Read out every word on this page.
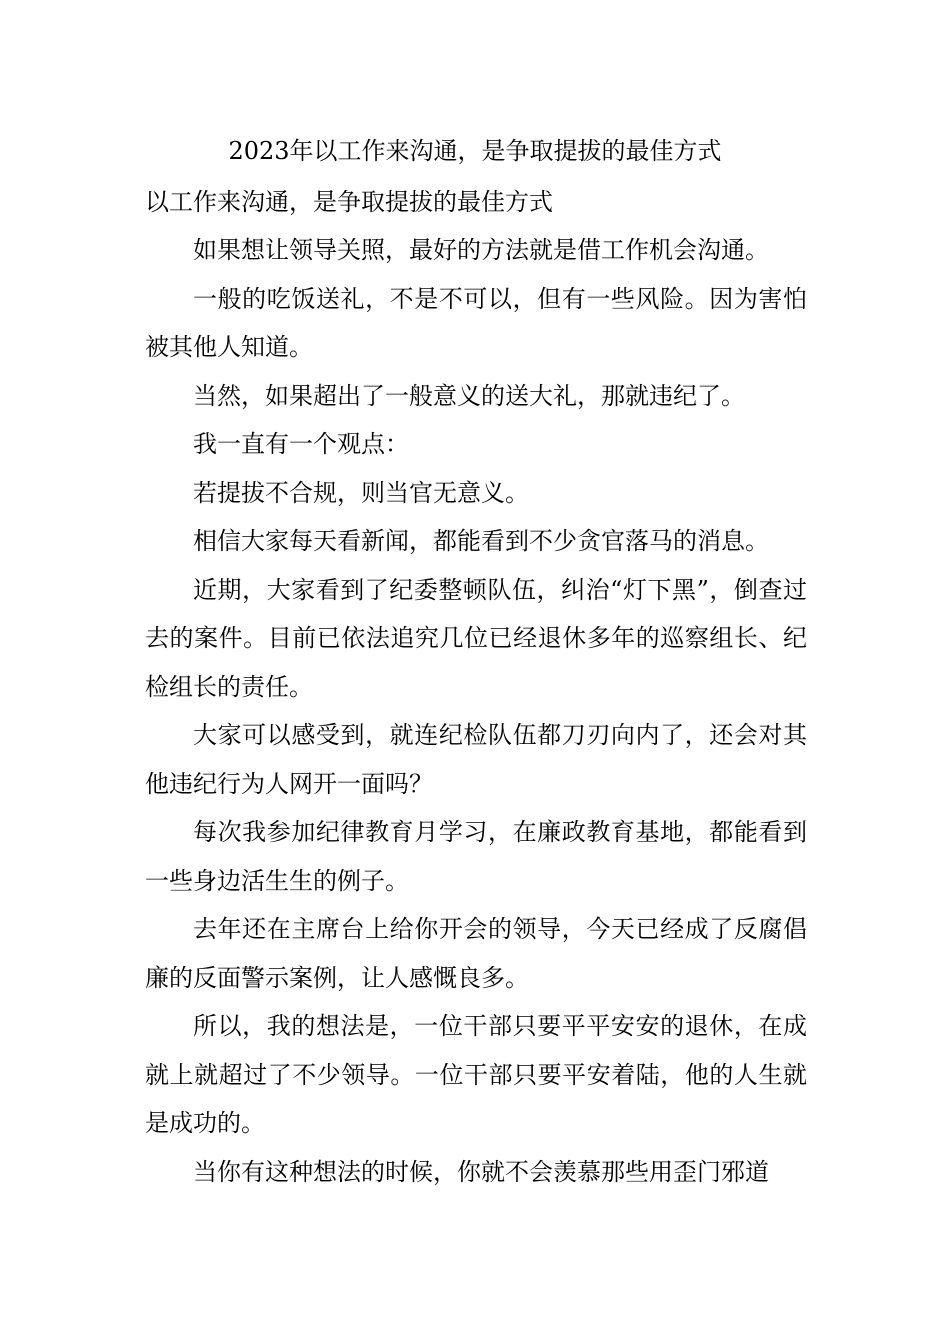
2023年以工作来沟通，是争取提拔的最佳方式
以工作来沟通，是争取提拔的最佳方式

如果想让领导关照，最好的方法就是借工作机会沟通。

一般的吃饭送礼，不是不可以，但有一些风险。因为害怕被其他人知道。

当然，如果超出了一般意义的送大礼，那就违纪了。

我一直有一个观点：

若提拔不合规，则当官无意义。

相信大家每天看新闻，都能看到不少贪官落马的消息。

近期，大家看到了纪委整顿队伍，纠治“灯下黑”，倒查过去的案件。目前已依法追究几位已经退休多年的巡察组长、纪检组长的责任。

大家可以感受到，就连纪检队伍都刀刃向内了，还会对其他违纪行为人网开一面吗？

每次我参加纪律教育月学习，在廉政教育基地，都能看到一些身边活生生的例子。

去年还在主席台上给你开会的领导，今天已经成了反腐倡廉的反面警示案例，让人感慨良多。

所以，我的想法是，一位干部只要平平安安的退休，在成就上就超过了不少领导。一位干部只要平安着陆，他的人生就是成功的。

当你有这种想法的时候，你就不会羡慕那些用歪门邪道
